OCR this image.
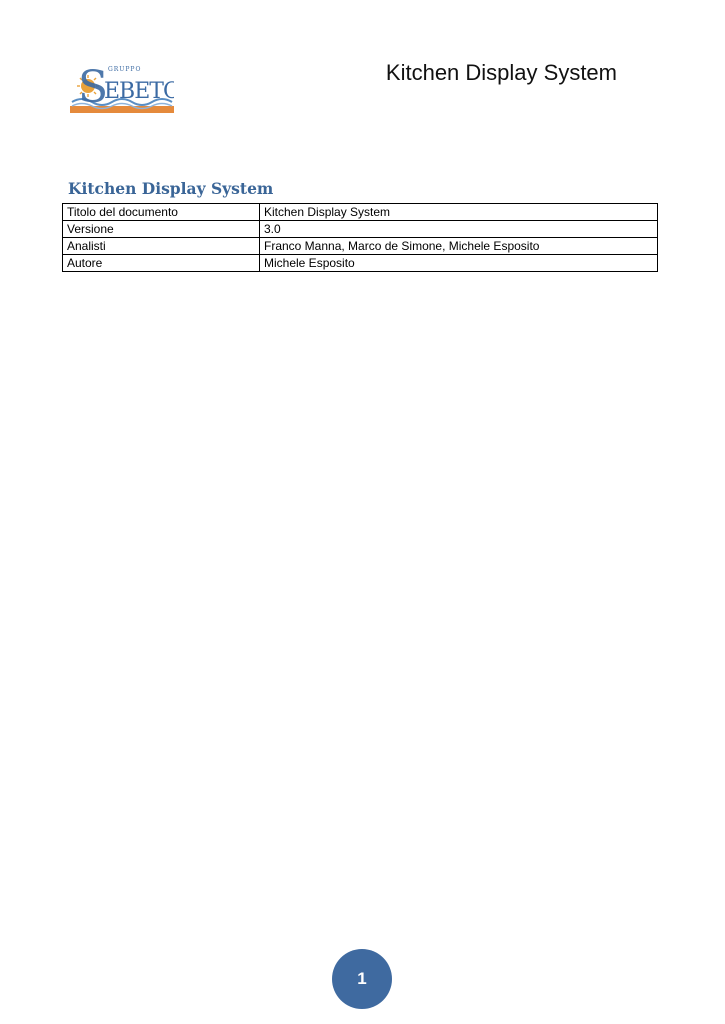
S GRUPPO
EBETO
Kitchen Display System
Kitchen Display System
Titolo del documento	Kitchen Display System
Versione	3.0
Analisti	Franco Manna, Marco de Simone, Michele Esposito
Autore	Michele Esposito
1
